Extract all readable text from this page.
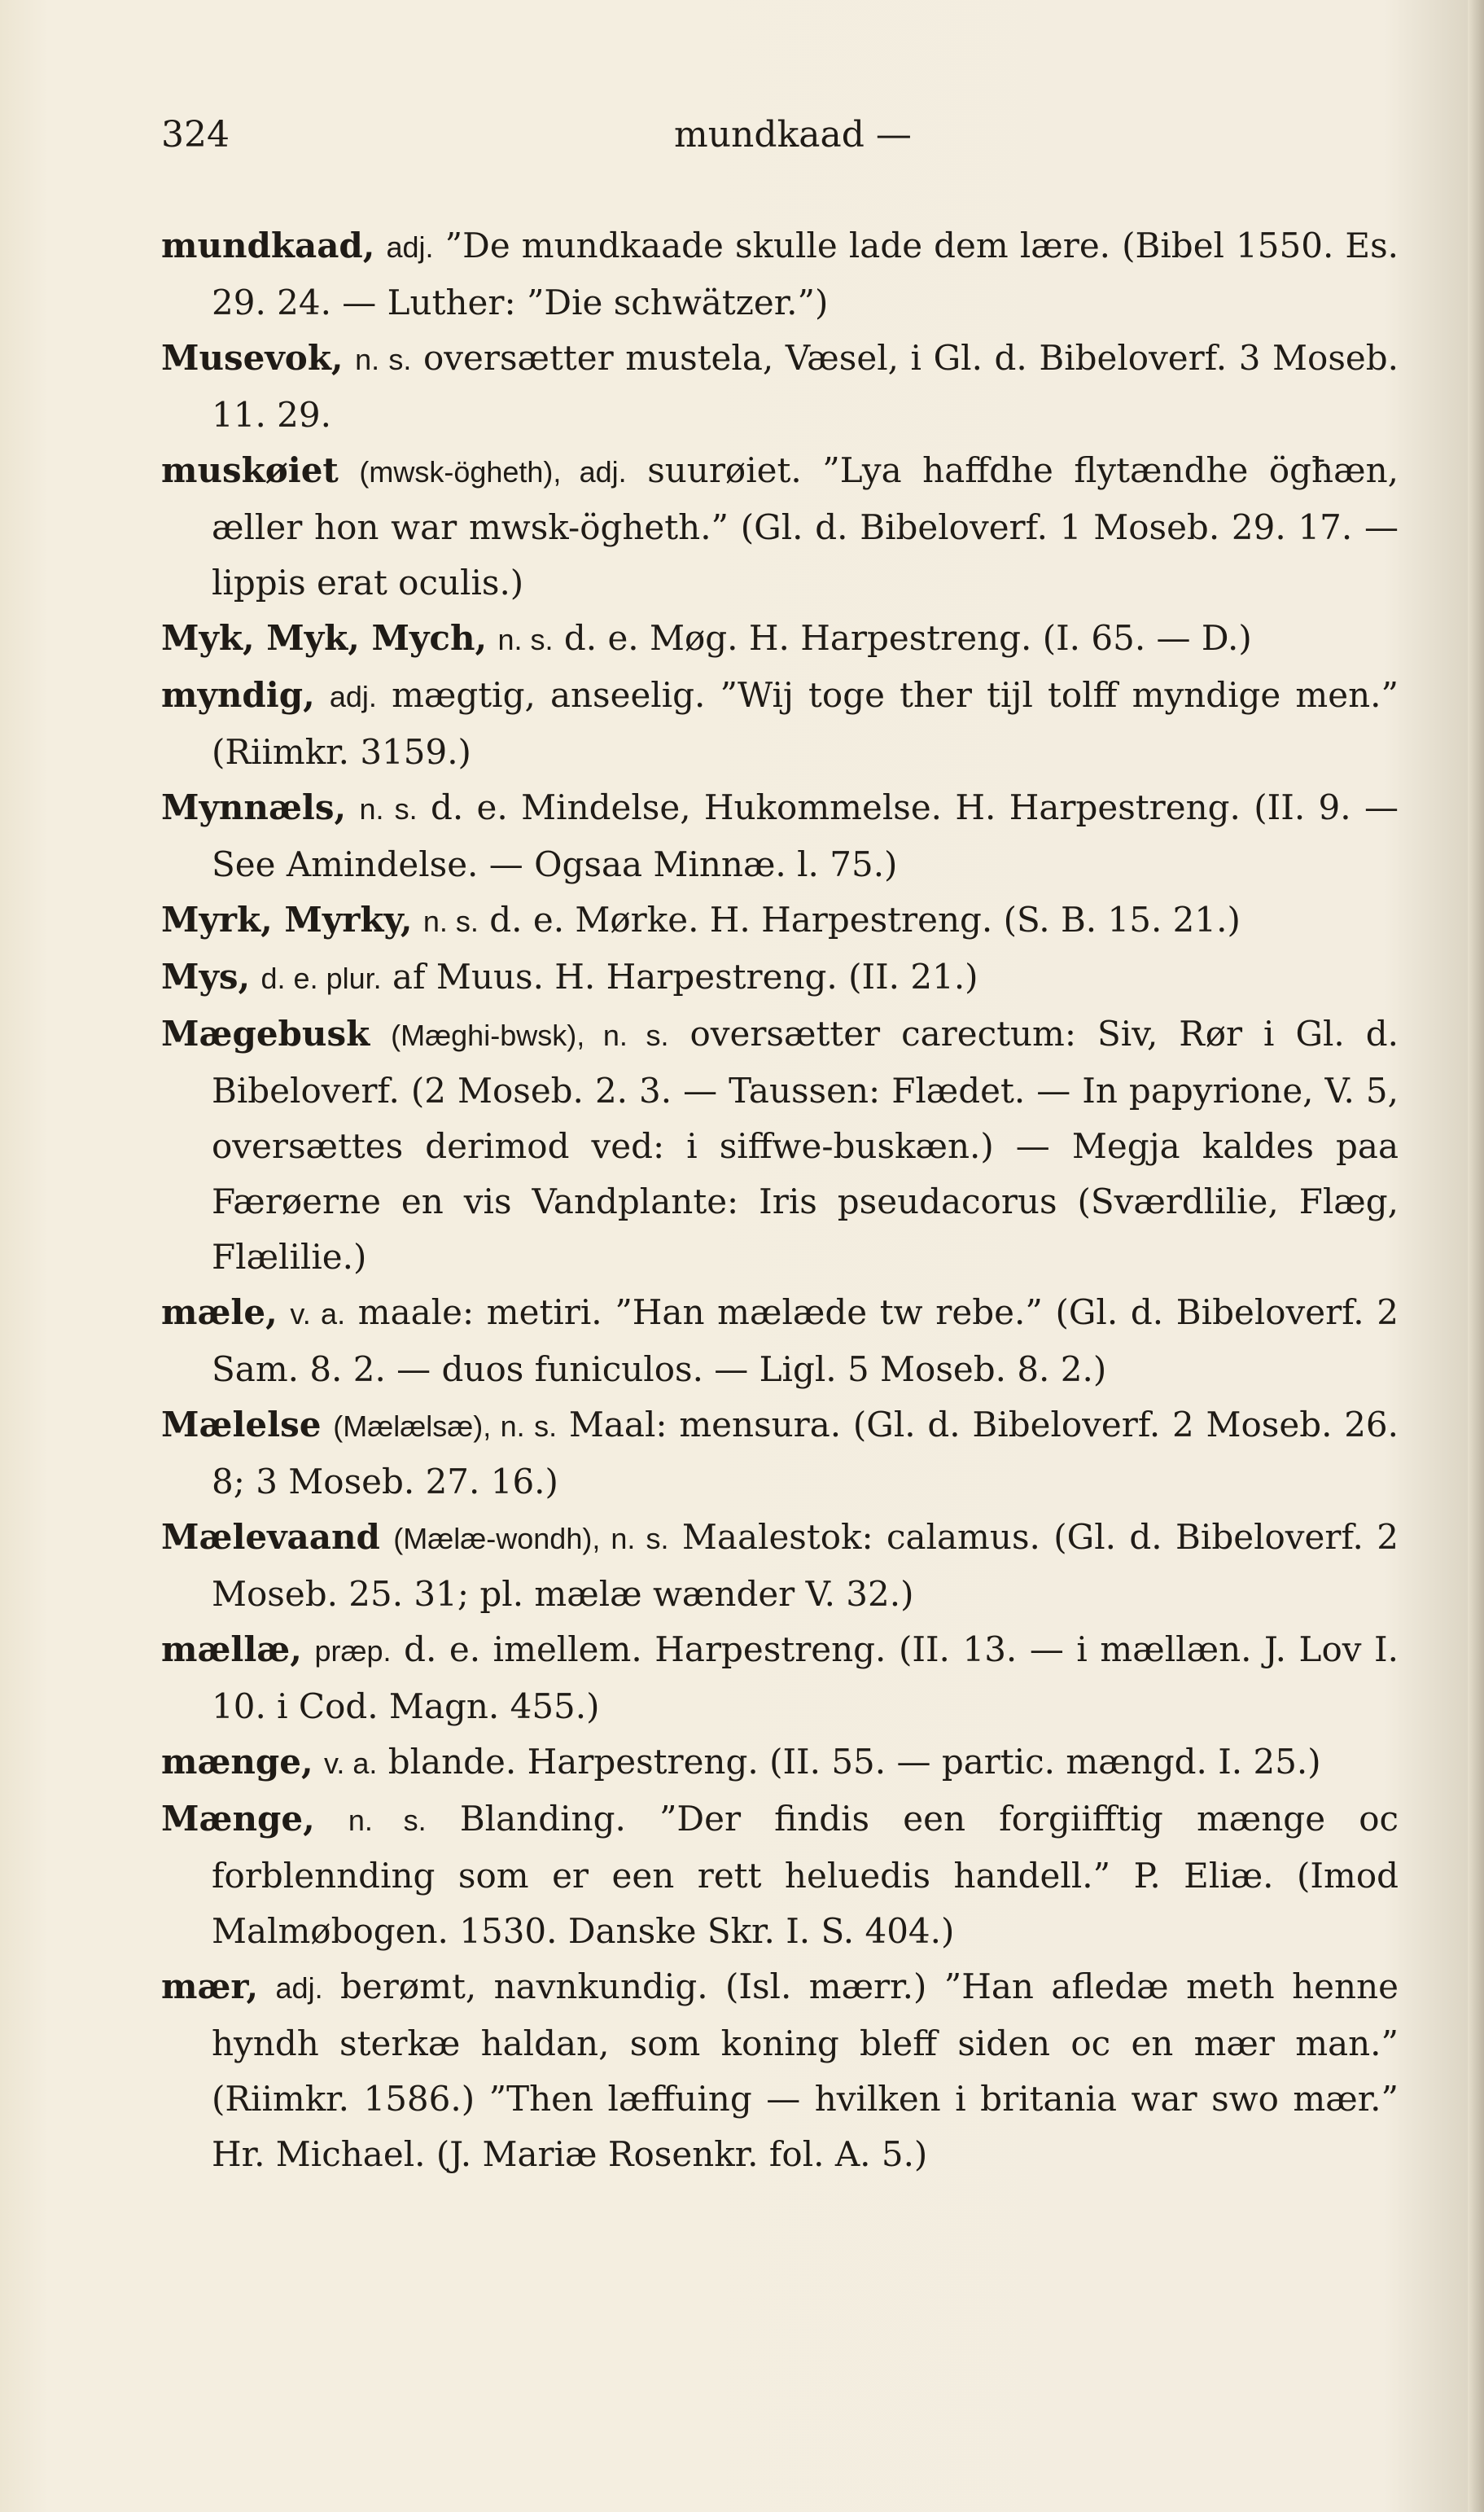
324	mundkaad —

mundkaad, adj. ”De mundkaade skulle lade dem lære. (Bibel 1550. Es. 29. 24. — Luther: ”Die schwätzer.”)

Musevok, n. s. oversætter mustela, Væsel, i Gl. d. Bibeloverf. 3 Moseb. 11. 29.

muskøiet (mwsk-ögheth), adj. suurøiet. ”Lya haffdhe flytændhe ögħæn, æller hon war mwsk-ögheth.” (Gl. d. Bibeloverf. 1 Moseb. 29. 17. — lippis erat oculis.)

Myk, Myk, Mych, n. s. d. e. Møg. H. Harpestreng. (I. 65. — D.)

myndig, adj. mægtig, anseelig. ”Wij toge ther tijl tolff myndige men.” (Riimkr. 3159.)

Mynnæls, n. s. d. e. Mindelse, Hukommelse. H. Harpestreng. (II. 9. — See Amindelse. — Ogsaa Minnæ. l. 75.)

Myrk, Myrky, n. s. d. e. Mørke. H. Harpestreng. (S. B. 15. 21.)

Mys, d. e. plur. af Muus. H. Harpestreng. (II. 21.)

Mægebusk (Mæghi-bwsk), n. s. oversætter carectum: Siv, Rør i Gl. d. Bibeloverf. (2 Moseb. 2. 3. — Taussen: Flædet. — In papyrione, V. 5, oversættes derimod ved: i siffwe-buskæn.) — Megja kaldes paa Færøerne en vis Vandplante: Iris pseudacorus (Sværdlilie, Flæg, Flælilie.)

mæle, v. a. maale: metiri. ”Han mælæde tw rebe.” (Gl. d. Bibeloverf. 2 Sam. 8. 2. — duos funiculos. — Ligl. 5 Moseb. 8. 2.)

Mælelse (Mælælsæ), n. s. Maal: mensura. (Gl. d. Bibeloverf. 2 Moseb. 26. 8; 3 Moseb. 27. 16.)

Mælevaand (Mælæ-wondh), n. s. Maalestok: calamus. (Gl. d. Bibeloverf. 2 Moseb. 25. 31; pl. mælæ wænder V. 32.)

mællæ, præp. d. e. imellem. Harpestreng. (II. 13. — i mællæn. J. Lov I. 10. i Cod. Magn. 455.)

mænge, v. a. blande. Harpestreng. (II. 55. — partic. mængd. I. 25.)

Mænge, n. s. Blanding. ”Der findis een forgiifftig mænge oc forblennding som er een rett heluedis handell.” P. Eliæ. (Imod Malmøbogen. 1530. Danske Skr. I. S. 404.)

mær, adj. berømt, navnkundig. (Isl. mærr.) ”Han afledæ meth henne hyndh sterkæ haldan, som koning bleff siden oc en mær man.” (Riimkr. 1586.) ”Then læffuing — hvilken i britania war swo mær.” Hr. Michael. (J. Mariæ Rosenkr. fol. A. 5.)
